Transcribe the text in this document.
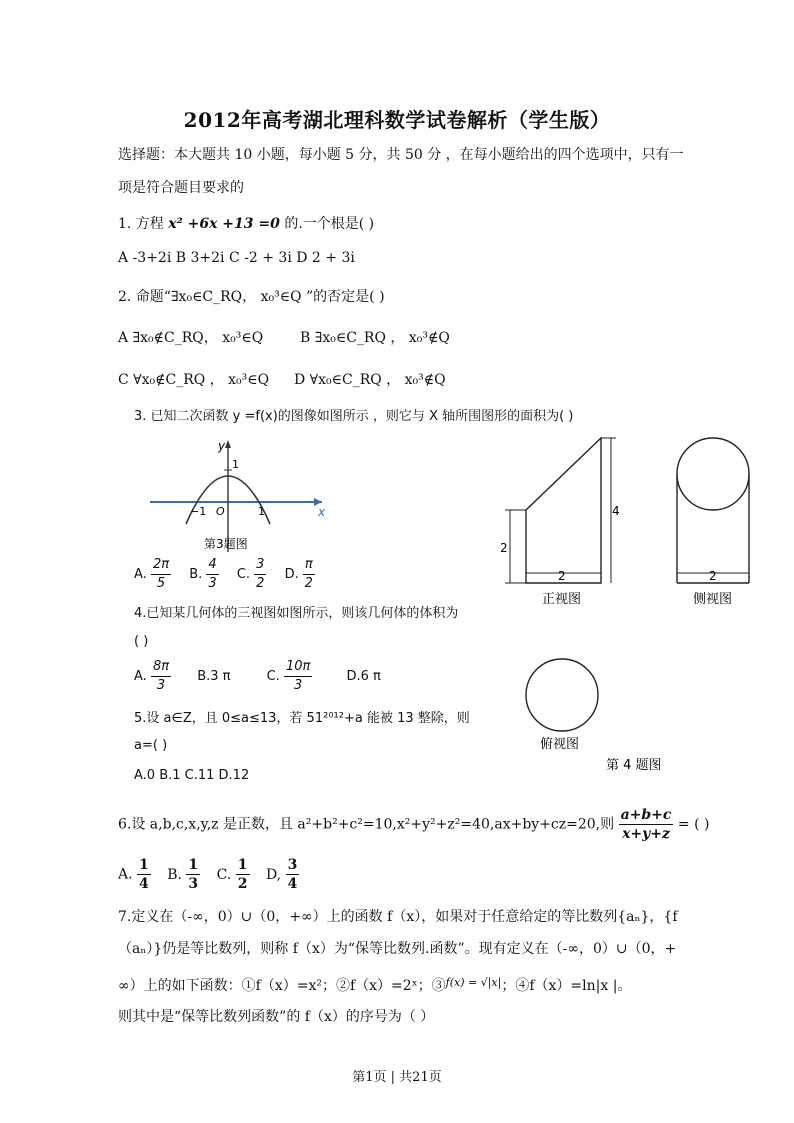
2012年高考湖北理科数学试卷解析（学生版）
选择题：本大题共 10 小题，每小题 5 分，共 50 分 ，在每小题给出的四个选项中，只有一
项是符合题目要求的
1. 方程 x² +6x +13 =0 的.一个根是( )
A -3+2i B 3+2i C -2 + 3i D 2 + 3i
2. 命题“∃x₀∈C_RQ， x₀³∈Q ”的否定是( )
A ∃x₀∉C_RQ， x₀³∈Q	B ∃x₀∈C_RQ ， x₀³∉Q
C ∀x₀∉C_RQ ， x₀³∈Q D ∀x₀∈C_RQ ， x₀³∉Q
3. 已知二次函数 y =f(x)的图像如图所示 ，则它与 X 轴所围图形的面积为( )
y
x
1
−1 O	1
第3题图
A. $\frac{2\pi}{5} B$. $\frac{4}{3} C$. $\frac{3}{2} D$. $\frac{\pi}{2}$
2
2
4
正视图
2
侧视图
俯视图
第 4 题图
4.已知某几何体的三视图如图所示，则该几何体的体积为
( )
A. $\frac{8\pi}{3} B.3$ π	C. $\frac{10\pi}{3}$	D.6 π
5.设 a∈Z，且 0≤a≤13，若 51²⁰¹²+a 能被 13 整除，则
a=( )
A.0 B.1 C.11 D.12
6.设 a,b,c,x,y,z 是正数，且 a²+b²+c²=10,x²+y²+z²=40,ax+by+cz=20,则 $\frac{a+b+c}{x+y+z}$ = ( )
A. $\frac{1}{4} B$. $\frac{1}{3} C$. $\frac{1}{2} D$, $\frac{3}{4}$
7.定义在（-∞，0）∪（0，+∞）上的函数 f（x），如果对于任意给定的等比数列{aₙ}，{f
（aₙ）}仍是等比数列，则称 f（x）为“保等比数列.函数”。现有定义在（-∞，0）∪（0，+
∞）上的如下函数：①f（x）=x²；②f（x）=2ˣ；③$^{f(x) = √|x|}$；④f（x）=ln|x |。
则其中是“保等比数列函数”的 f（x）的序号为（ ）
第1页 | 共21页
